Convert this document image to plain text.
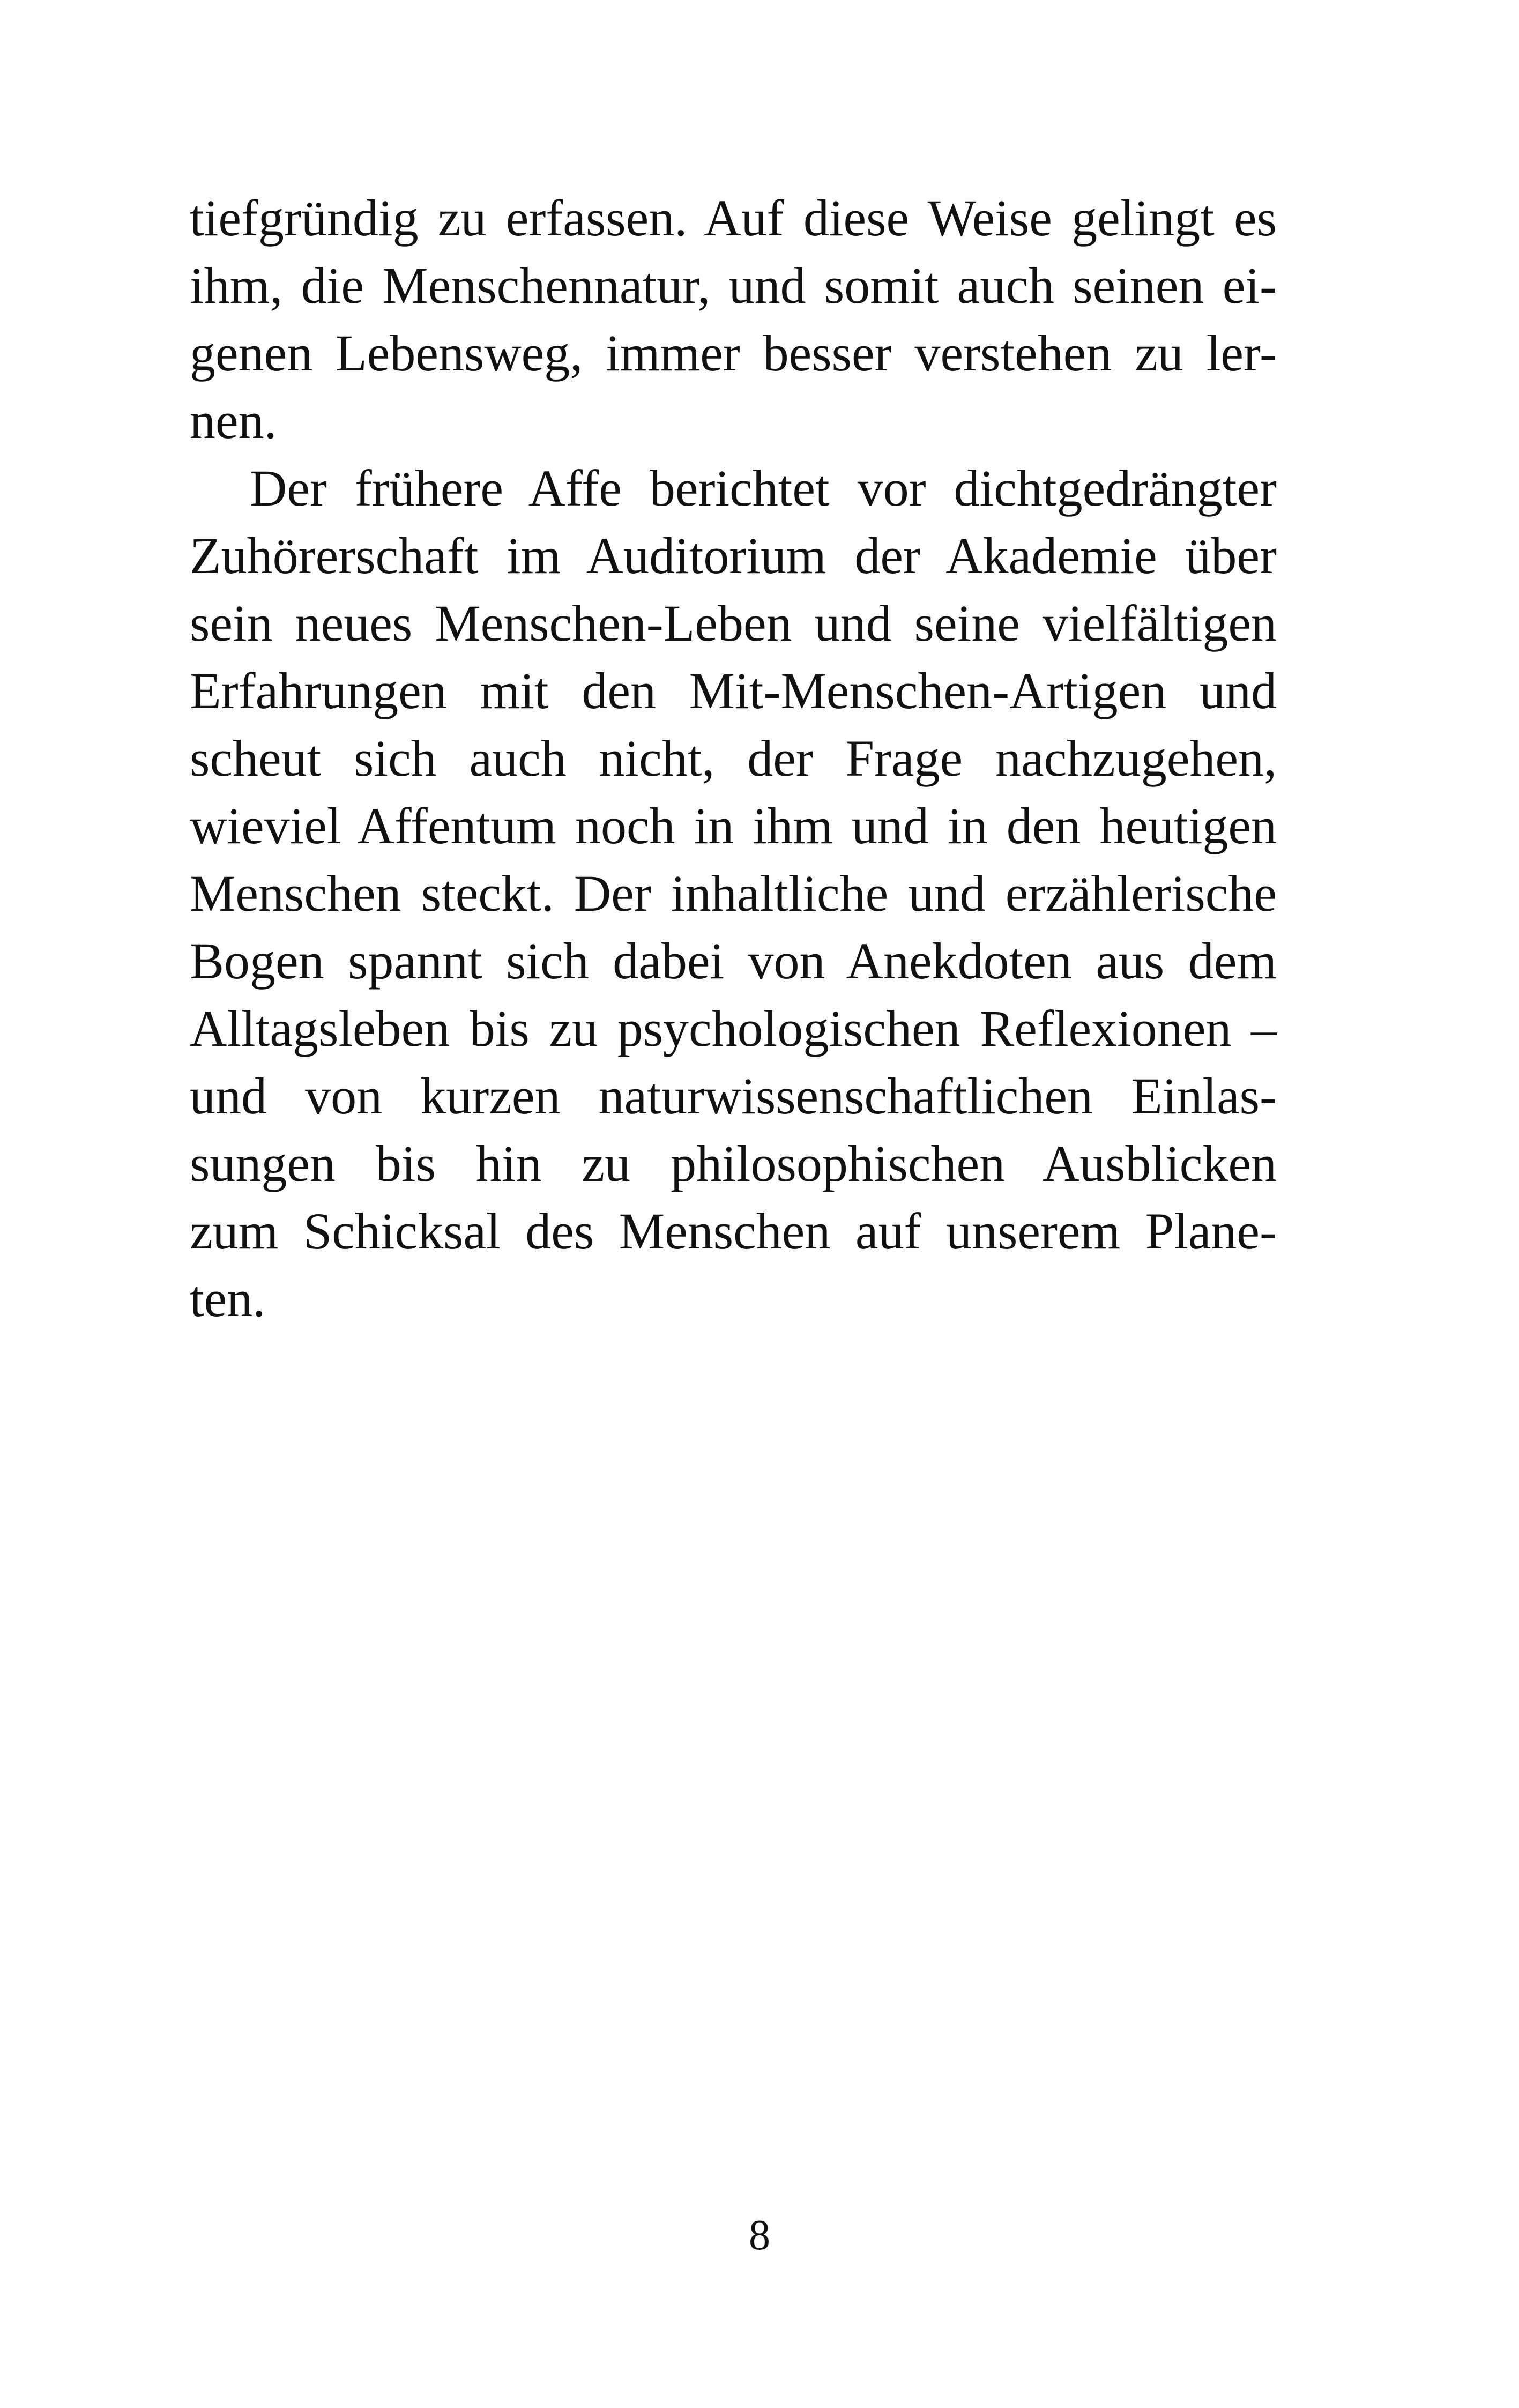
tiefgründig zu erfassen. Auf diese Weise gelingt es
ihm, die Menschennatur, und somit auch seinen ei-
genen Lebensweg, immer besser verstehen zu ler-
nen.
Der frühere Affe berichtet vor dichtgedrängter
Zuhörerschaft im Auditorium der Akademie über
sein neues Menschen-Leben und seine vielfältigen
Erfahrungen mit den Mit-Menschen-Artigen und
scheut sich auch nicht, der Frage nachzugehen,
wieviel Affentum noch in ihm und in den heutigen
Menschen steckt. Der inhaltliche und erzählerische
Bogen spannt sich dabei von Anekdoten aus dem
Alltagsleben bis zu psychologischen Reflexionen –
und von kurzen naturwissenschaftlichen Einlas-
sungen bis hin zu philosophischen Ausblicken
zum Schicksal des Menschen auf unserem Plane-
ten.
8
